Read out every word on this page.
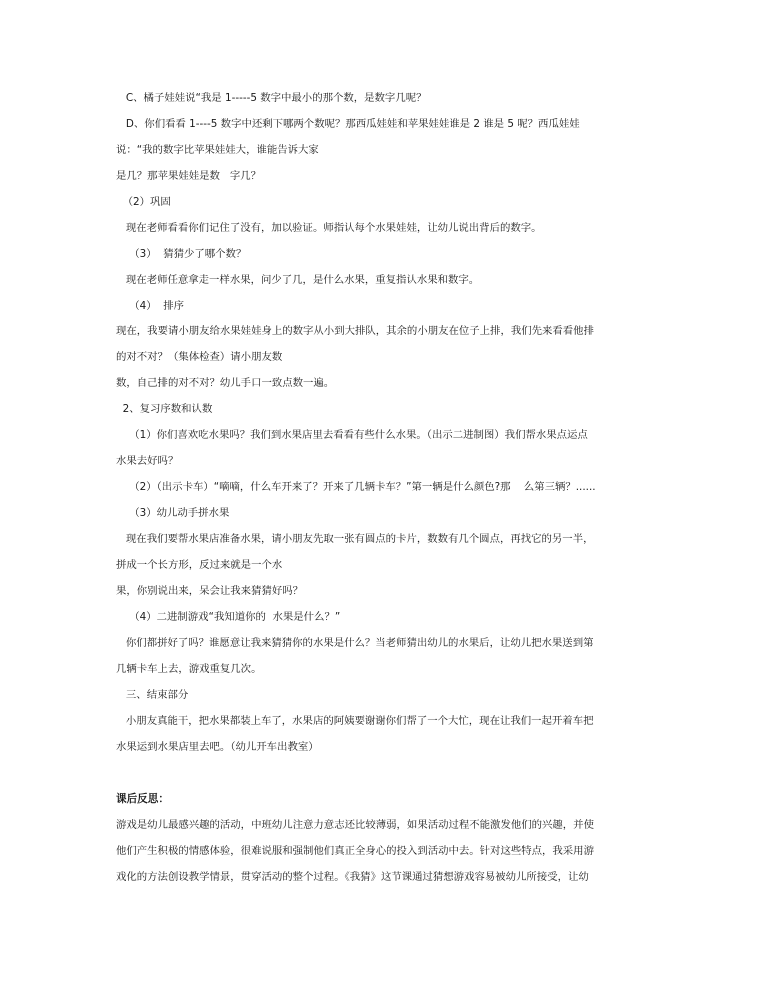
C、橘子娃娃说“我是 1-----5 数字中最小的那个数，是数字几呢？
D、你们看看 1----5 数字中还剩下哪两个数呢？那西瓜娃娃和苹果娃娃谁是 2 谁是 5 呢？西瓜娃娃
说：“我的数字比苹果娃娃大，谁能告诉大家
是几？那苹果娃娃是数   字几？
（2）巩固
现在老师看看你们记住了没有，加以验证。师指认每个水果娃娃，让幼儿说出背后的数字。
（3）  猜猜少了哪个数？
现在老师任意拿走一样水果，问少了几，是什么水果，重复指认水果和数字。
（4）  排序
现在，我要请小朋友给水果娃娃身上的数字从小到大排队，其余的小朋友在位子上排，我们先来看看他排
的对不对？（集体检查）请小朋友数
数，自己排的对不对？幼儿手口一致点数一遍。
2、复习序数和认数
（1）你们喜欢吃水果吗？我们到水果店里去看看有些什么水果。（出示二进制图）我们帮水果点运点
水果去好吗？
（2）（出示卡车）“嘀嘀，什么车开来了？开来了几辆卡车？”第一辆是什么颜色?那    么第三辆？......
（3）幼儿动手拼水果
现在我们要帮水果店准备水果，请小朋友先取一张有圆点的卡片，数数有几个圆点，再找它的另一半，
拼成一个长方形，反过来就是一个水
果，你别说出来，呆会让我来猜猜好吗？
（4）二进制游戏“我知道你的  水果是什么？”
你们都拼好了吗？谁愿意让我来猜猜你的水果是什么？当老师猜出幼儿的水果后，让幼儿把水果送到第
几辆卡车上去，游戏重复几次。
三、结束部分
小朋友真能干，把水果都装上车了，水果店的阿姨要谢谢你们帮了一个大忙，现在让我们一起开着车把
水果运到水果店里去吧。（幼儿开车出教室）
课后反思：
游戏是幼儿最感兴趣的活动，中班幼儿注意力意志还比较薄弱，如果活动过程不能激发他们的兴趣，并使
他们产生积极的情感体验，很难说服和强制他们真正全身心的投入到活动中去。针对这些特点，我采用游
戏化的方法创设教学情景，贯穿活动的整个过程。《我猜》这节课通过猜想游戏容易被幼儿所接受，让幼
